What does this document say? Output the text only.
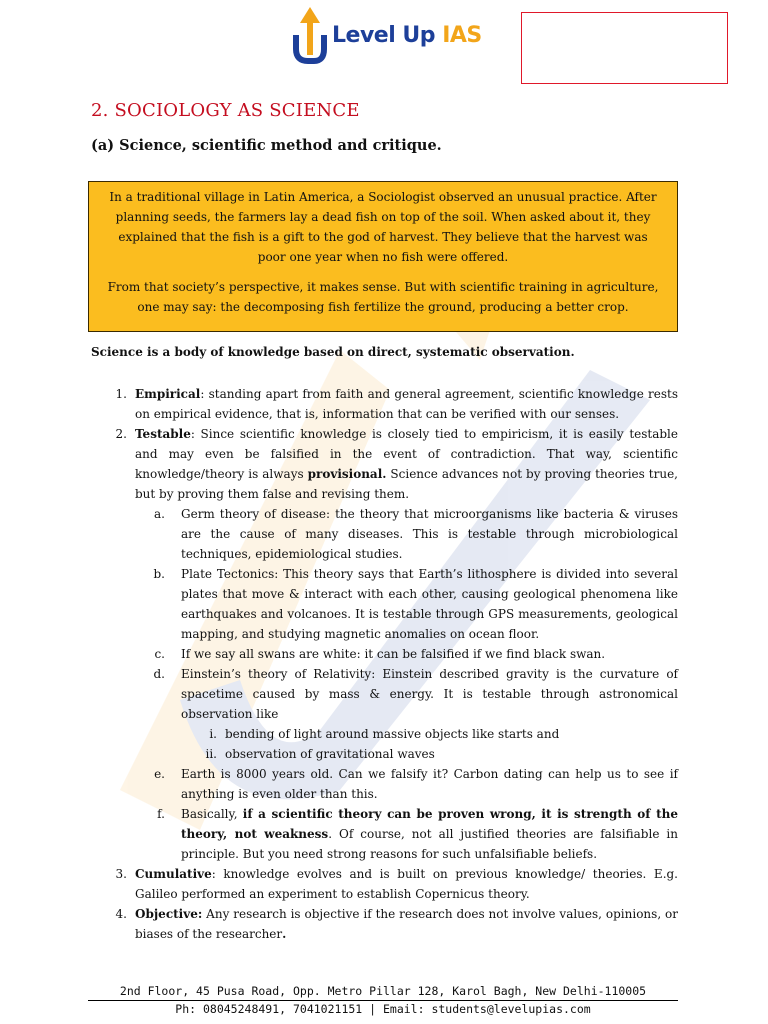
Level Up IAS
2. SOCIOLOGY AS SCIENCE
(a) Science, scientific method and critique.

In a traditional village in Latin America, a Sociologist observed an unusual practice. After planning seeds, the farmers lay a dead fish on top of the soil. When asked about it, they explained that the fish is a gift to the god of harvest. They believe that the harvest was poor one year when no fish were offered.

From that society’s perspective, it makes sense. But with scientific training in agriculture, one may say: the decomposing fish fertilize the ground, producing a better crop.

Science is a body of knowledge based on direct, systematic observation.

1. Empirical: standing apart from faith and general agreement, scientific knowledge rests on empirical evidence, that is, information that can be verified with our senses.
2. Testable: Since scientific knowledge is closely tied to empiricism, it is easily testable and may even be falsified in the event of contradiction. That way, scientific knowledge/theory is always provisional. Science advances not by proving theories true, but by proving them false and revising them.
a.	Germ theory of disease: the theory that microorganisms like bacteria & viruses are the cause of many diseases. This is testable through microbiological techniques, epidemiological studies.
b.	Plate Tectonics: This theory says that Earth’s lithosphere is divided into several plates that move & interact with each other, causing geological phenomena like earthquakes and volcanoes. It is testable through GPS measurements, geological mapping, and studying magnetic anomalies on ocean floor.
c.	If we say all swans are white: it can be falsified if we find black swan.
d.	Einstein’s theory of Relativity: Einstein described gravity is the curvature of spacetime caused by mass & energy. It is testable through astronomical observation like
i. bending of light around massive objects like starts and
ii. observation of gravitational waves
e.	Earth is 8000 years old. Can we falsify it? Carbon dating can help us to see if anything is even older than this.
f.	Basically, if a scientific theory can be proven wrong, it is strength of the theory, not weakness. Of course, not all justified theories are falsifiable in principle. But you need strong reasons for such unfalsifiable beliefs.
3. Cumulative: knowledge evolves and is built on previous knowledge/ theories. E.g. Galileo performed an experiment to establish Copernicus theory.
4. Objective: Any research is objective if the research does not involve values, opinions, or biases of the researcher.
2nd Floor, 45 Pusa Road, Opp. Metro Pillar 128, Karol Bagh, New Delhi-110005
Ph: 08045248491, 7041021151 | Email: students@levelupias.com
